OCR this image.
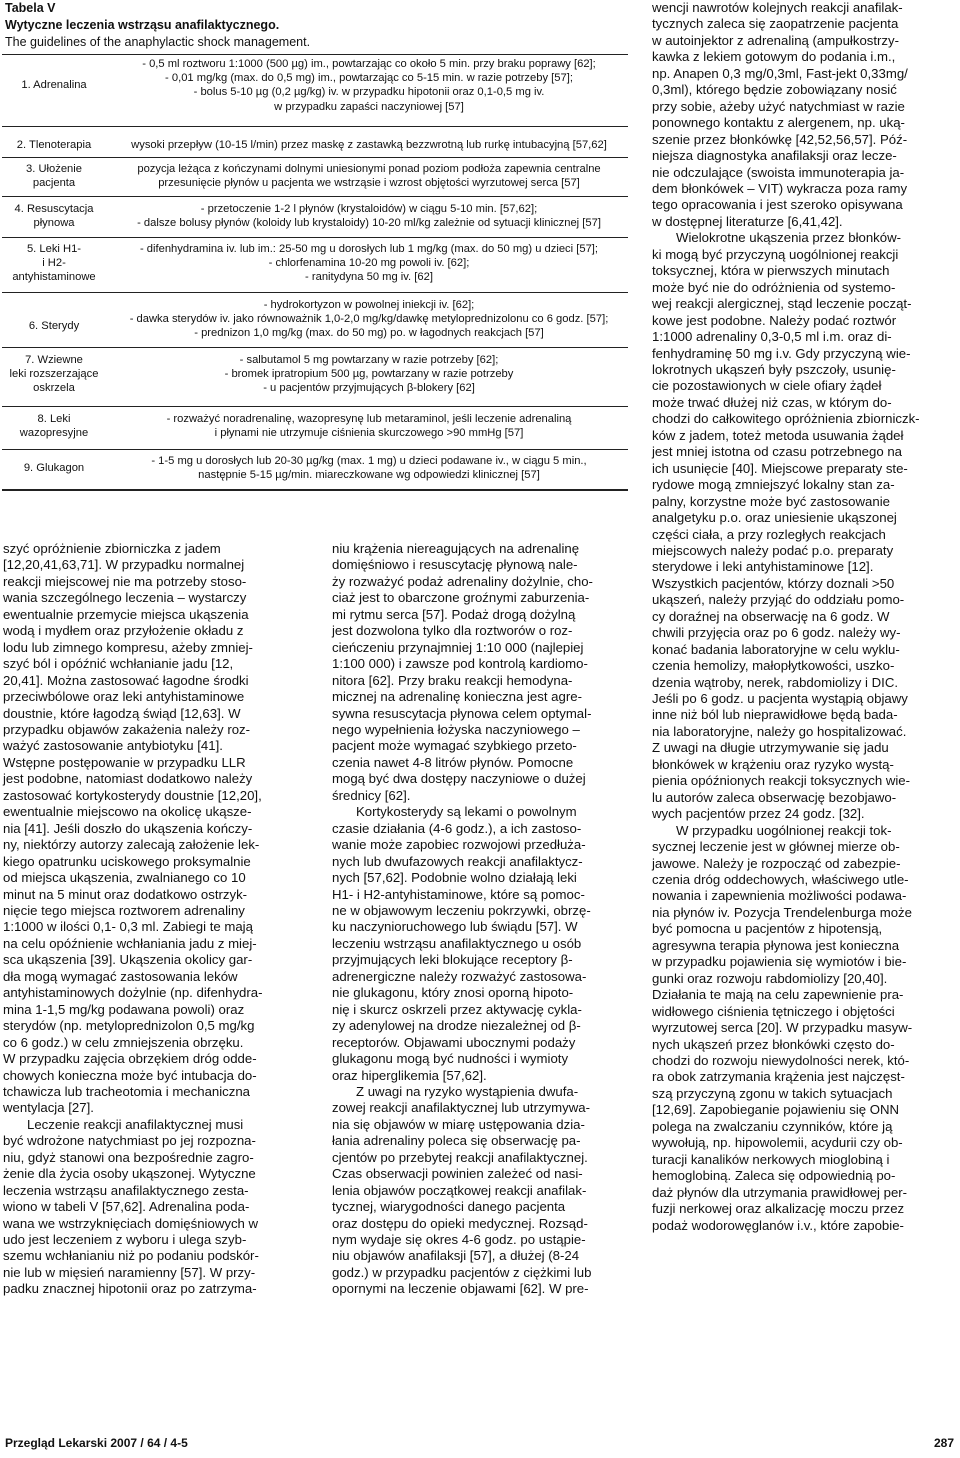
Tabela V
Wytyczne leczenia wstrząsu anafilaktycznego.
The guidelines of the anaphylactic shock management.
1. Adrenalina
- 0,5 ml roztworu 1:1000 (500 µg) im., powtarzając co około 5 min. przy braku poprawy [62];
- 0,01 mg/kg (max. do 0,5 mg) im., powtarzając co 5-15 min. w razie potrzeby [57];
- bolus 5-10 µg (0,2 µg/kg) iv. w przypadku hipotonii oraz 0,1-0,5 mg iv.
w przypadku zapaści naczyniowej [57]
2. Tlenoterapia	wysoki przepływ (10-15 l/min) przez maskę z zastawką bezzwrotną lub rurkę intubacyjną [57,62]
3. Ułożenie
pacjenta
pozycja leżąca z kończynami dolnymi uniesionymi ponad poziom podłoża zapewnia centralne
przesunięcie płynów u pacjenta we wstrząsie i wzrost objętości wyrzutowej serca [57]
4. Resuscytacja
płynowa
- przetoczenie 1-2 l płynów (krystaloidów) w ciągu 5-10 min. [57,62];
- dalsze bolusy płynów (koloidy lub krystaloidy) 10-20 ml/kg zależnie od sytuacji klinicznej [57]
5. Leki H1-
i H2-
antyhistaminowe
- difenhydramina iv. lub im.: 25-50 mg u dorosłych lub 1 mg/kg (max. do 50 mg) u dzieci [57];
- chlorfenamina 10-20 mg powoli iv. [62];
- ranitydyna 50 mg iv. [62]
6. Sterydy
- hydrokortyzon w powolnej iniekcji iv. [62];
- dawka sterydów iv. jako równoważnik 1,0-2,0 mg/kg/dawkę metyloprednizolonu co 6 godz. [57];
- prednizon 1,0 mg/kg (max. do 50 mg) po. w łagodnych reakcjach [57]
7. Wziewne
leki rozszerzające
oskrzela
- salbutamol 5 mg powtarzany w razie potrzeby [62];
- bromek ipratropium 500 µg, powtarzany w razie potrzeby
- u pacjentów przyjmujących β-blokery [62]
8. Leki
wazopresyjne
- rozważyć noradrenalinę, wazopresynę lub metaraminol, jeśli leczenie adrenaliną
i płynami nie utrzymuje ciśnienia skurczowego >90 mmHg [57]
9. Glukagon
- 1-5 mg u dorosłych lub 20-30 µg/kg (max. 1 mg) u dzieci podawane iv., w ciągu 5 min.,
następnie 5-15 µg/min. miareczkowane wg odpowiedzi klinicznej [57]
szyć opróżnienie zbiorniczka z jadem
[12,20,41,63,71]. W przypadku normalnej
reakcji miejscowej nie ma potrzeby stoso-
wania szczególnego leczenia – wystarczy
ewentualnie przemycie miejsca ukąszenia
wodą i mydłem oraz przyłożenie okładu z
lodu lub zimnego kompresu, ażeby zmniej-
szyć ból i opóźnić wchłanianie jadu [12,
20,41]. Można zastosować łagodne środki
przeciwbólowe oraz leki antyhistaminowe
doustnie, które łagodzą świąd [12,63]. W
przypadku objawów zakażenia należy roz-
ważyć zastosowanie antybiotyku [41].
Wstępne postępowanie w przypadku LLR
jest podobne, natomiast dodatkowo należy
zastosować kortykosterydy doustnie [12,20],
ewentualnie miejscowo na okolicę ukąsze-
nia [41]. Jeśli doszło do ukąszenia kończy-
ny, niektórzy autorzy zalecają założenie lek-
kiego opatrunku uciskowego proksymalnie
od miejsca ukąszenia, zwalnianego co 10
minut na 5 minut oraz dodatkowo ostrzyk-
nięcie tego miejsca roztworem adrenaliny
1:1000 w ilości 0,1- 0,3 ml. Zabiegi te mają
na celu opóźnienie wchłaniania jadu z miej-
sca ukąszenia [39]. Ukąszenia okolicy gar-
dła mogą wymagać zastosowania leków
antyhistaminowych dożylnie (np. difenhydra-
mina 1-1,5 mg/kg podawana powoli) oraz
sterydów (np. metyloprednizolon 0,5 mg/kg
co 6 godz.) w celu zmniejszenia obrzęku.
W przypadku zajęcia obrzękiem dróg odde-
chowych konieczna może być intubacja do-
tchawicza lub tracheotomia i mechaniczna
wentylacja [27].
Leczenie reakcji anafilaktycznej musi
być wdrożone natychmiast po jej rozpozna-
niu, gdyż stanowi ona bezpośrednie zagro-
żenie dla życia osoby ukąszonej. Wytyczne
leczenia wstrząsu anafilaktycznego zesta-
wiono w tabeli V [57,62]. Adrenalina poda-
wana we wstrzyknięciach domięśniowych w
udo jest leczeniem z wyboru i ulega szyb-
szemu wchłanianiu niż po podaniu podskór-
nie lub w mięsień naramienny [57]. W przy-
padku znacznej hipotonii oraz po zatrzyma-
niu krążenia niereagujących na adrenalinę
domięśniowo i resuscytację płynową nale-
ży rozważyć podaż adrenaliny dożylnie, cho-
ciaż jest to obarczone groźnymi zaburzenia-
mi rytmu serca [57]. Podaż drogą dożylną
jest dozwolona tylko dla roztworów o roz-
cieńczeniu przynajmniej 1:10 000 (najlepiej
1:100 000) i zawsze pod kontrolą kardiomo-
nitora [62]. Przy braku reakcji hemodyna-
micznej na adrenalinę konieczna jest agre-
sywna resuscytacja płynowa celem optymal-
nego wypełnienia łożyska naczyniowego –
pacjent może wymagać szybkiego przeto-
czenia nawet 4-8 litrów płynów. Pomocne
mogą być dwa dostępy naczyniowe o dużej
średnicy [62].
Kortykosterydy są lekami o powolnym
czasie działania (4-6 godz.), a ich zastoso-
wanie może zapobiec rozwojowi przedłuża-
nych lub dwufazowych reakcji anafilaktycz-
nych [57,62]. Podobnie wolno działają leki
H1- i H2-antyhistaminowe, które są pomoc-
ne w objawowym leczeniu pokrzywki, obrzę-
ku naczynioruchowego lub świądu [57]. W
leczeniu wstrząsu anafilaktycznego u osób
przyjmujących leki blokujące receptory β-
adrenergiczne należy rozważyć zastosowa-
nie glukagonu, który znosi oporną hipoto-
nię i skurcz oskrzeli przez aktywację cykla-
zy adenylowej na drodze niezależnej od β-
receptorów. Objawami ubocznymi podaży
glukagonu mogą być nudności i wymioty
oraz hiperglikemia [57,62].
Z uwagi na ryzyko wystąpienia dwufa-
zowej reakcji anafilaktycznej lub utrzymywa-
nia się objawów w miarę ustępowania dzia-
łania adrenaliny poleca się obserwację pa-
cjentów po przebytej reakcji anafilaktycznej.
Czas obserwacji powinien zależeć od nasi-
lenia objawów początkowej reakcji anafilak-
tycznej, wiarygodności danego pacjenta
oraz dostępu do opieki medycznej. Rozsąd-
nym wydaje się okres 4-6 godz. po ustąpie-
niu objawów anafilaksji [57], a dłużej (8-24
godz.) w przypadku pacjentów z ciężkimi lub
opornymi na leczenie objawami [62]. W pre-
wencji nawrotów kolejnych reakcji anafilak-
tycznych zaleca się zaopatrzenie pacjenta
w autoinjektor z adrenaliną (ampułkostrzy-
kawka z lekiem gotowym do podania i.m.,
np. Anapen 0,3 mg/0,3ml, Fast-jekt 0,33mg/
0,3ml), którego będzie zobowiązany nosić
przy sobie, ażeby użyć natychmiast w razie
ponownego kontaktu z alergenem, np. uką-
szenie przez błonkówkę [42,52,56,57]. Póź-
niejsza diagnostyka anafilaksji oraz lecze-
nie odczulające (swoista immunoterapia ja-
dem błonkówek – VIT) wykracza poza ramy
tego opracowania i jest szeroko opisywana
w dostępnej literaturze [6,41,42].
Wielokrotne ukąszenia przez błonków-
ki mogą być przyczyną uogólnionej reakcji
toksycznej, która w pierwszych minutach
może być nie do odróżnienia od systemo-
wej reakcji alergicznej, stąd leczenie począt-
kowe jest podobne. Należy podać roztwór
1:1000 adrenaliny 0,3-0,5 ml i.m. oraz di-
fenhydraminę 50 mg i.v. Gdy przyczyną wie-
lokrotnych ukąszeń były pszczoły, usunię-
cie pozostawionych w ciele ofiary żądeł
może trwać dłużej niż czas, w którym do-
chodzi do całkowitego opróżnienia zbiorniczk-
ków z jadem, toteż metoda usuwania żądeł
jest mniej istotna od czasu potrzebnego na
ich usunięcie [40]. Miejscowe preparaty ste-
rydowe mogą zmniejszyć lokalny stan za-
palny, korzystne może być zastosowanie
analgetyku p.o. oraz uniesienie ukąszonej
części ciała, a przy rozległych reakcjach
miejscowych należy podać p.o. preparaty
sterydowe i leki antyhistaminowe [12].
Wszystkich pacjentów, którzy doznali >50
ukąszeń, należy przyjąć do oddziału pomo-
cy doraźnej na obserwację na 6 godz. W
chwili przyjęcia oraz po 6 godz. należy wy-
konać badania laboratoryjne w celu wyklu-
czenia hemolizy, małopłytkowości, uszko-
dzenia wątroby, nerek, rabdomiolizy i DIC.
Jeśli po 6 godz. u pacjenta wystąpią objawy
inne niż ból lub nieprawidłowe będą bada-
nia laboratoryjne, należy go hospitalizować.
Z uwagi na długie utrzymywanie się jadu
błonkówek w krążeniu oraz ryzyko wystą-
pienia opóźnionych reakcji toksycznych wie-
lu autorów zaleca obserwację bezobjawo-
wych pacjentów przez 24 godz. [32].
W przypadku uogólnionej reakcji tok-
sycznej leczenie jest w głównej mierze ob-
jawowe. Należy je rozpocząć od zabezpie-
czenia dróg oddechowych, właściwego utle-
nowania i zapewnienia możliwości podawa-
nia płynów iv. Pozycja Trendelenburga może
być pomocna u pacjentów z hipotensją,
agresywna terapia płynowa jest konieczna
w przypadku pojawienia się wymiotów i bie-
gunki oraz rozwoju rabdomiolizy [20,40].
Działania te mają na celu zapewnienie pra-
widłowego ciśnienia tętniczego i objętości
wyrzutowej serca [20]. W przypadku masyw-
nych ukąszeń przez błonkówki często do-
chodzi do rozwoju niewydolności nerek, któ-
ra obok zatrzymania krążenia jest najczęst-
szą przyczyną zgonu w takich sytuacjach
[12,69]. Zapobieganie pojawieniu się ONN
polega na zwalczaniu czynników, które ją
wywołują, np. hipowolemii, acydurii czy ob-
turacji kanalików nerkowych mioglobiną i
hemoglobiną. Zaleca się odpowiednią po-
daż płynów dla utrzymania prawidłowej per-
fuzji nerkowej oraz alkalizację moczu przez
podaż wodorowęglanów i.v., które zapobie-
Przegląd Lekarski 2007 / 64 / 4-5	287
